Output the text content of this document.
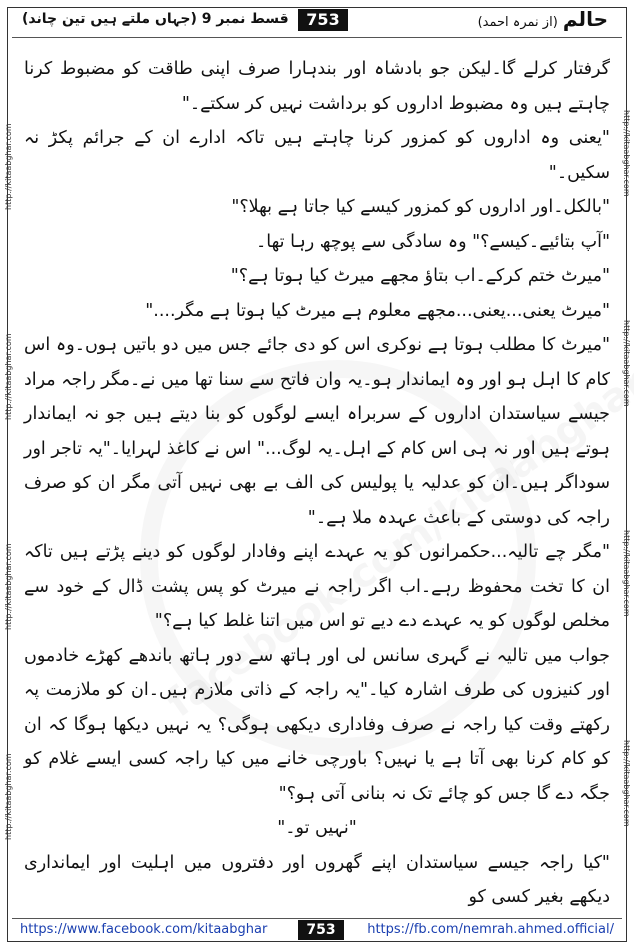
قسط نمبر 9 (جہاں ملتے ہیں تین چاند)	753	حالم (از نمرہ احمد)
http://kitaabghar.com
http://kitaabghar.com
http://kitaabghar.com
http://kitaabghar.com
http://kitaabghar.com
http://kitaabghar.com
http://kitaabghar.com
http://kitaabghar.com

گرفتار کرلے گا۔لیکن جو بادشاہ اور بندہارا صرف اپنی طاقت کو مضبوط کرنا چاہتے ہیں وہ مضبوط اداروں کو برداشت نہیں کر سکتے۔"

"یعنی وہ اداروں کو کمزور کرنا چاہتے ہیں تاکہ ادارے ان کے جرائم پکڑ نہ سکیں۔"

"بالکل۔اور اداروں کو کمزور کیسے کیا جاتا ہے بھلا؟"

"آپ بتائیے۔کیسے؟" وہ سادگی سے پوچھ رہا تھا۔

"میرٹ ختم کرکے۔اب بتاؤ مجھے میرٹ کیا ہوتا ہے؟"

"میرٹ یعنی...یعنی...مجھے معلوم ہے میرٹ کیا ہوتا ہے مگر...."

"میرٹ کا مطلب ہوتا ہے نوکری اس کو دی جائے جس میں دو باتیں ہوں۔وہ اس کام کا اہل ہو اور وہ ایماندار ہو۔یہ وان فاتح سے سنا تھا میں نے۔مگر راجہ مراد جیسے سیاستدان اداروں کے سربراہ ایسے لوگوں کو بنا دیتے ہیں جو نہ ایماندار ہوتے ہیں اور نہ ہی اس کام کے اہل۔یہ لوگ..." اس نے کاغذ لہرایا۔"یہ تاجر اور سوداگر ہیں۔ان کو عدلیہ یا پولیس کی الف بے بھی نہیں آتی مگر ان کو صرف راجہ کی دوستی کے باعث عہدہ ملا ہے۔"

"مگر چے تالیہ...حکمرانوں کو یہ عہدے اپنے وفادار لوگوں کو دینے پڑتے ہیں تاکہ ان کا تخت محفوظ رہے۔اب اگر راجہ نے میرٹ کو پس پشت ڈال کے خود سے مخلص لوگوں کو یہ عہدے دے دیے تو اس میں اتنا غلط کیا ہے؟"

جواب میں تالیہ نے گہری سانس لی اور ہاتھ سے دور ہاتھ باندھے کھڑے خادموں اور کنیزوں کی طرف اشارہ کیا۔"یہ راجہ کے ذاتی ملازم ہیں۔ان کو ملازمت پہ رکھتے وقت کیا راجہ نے صرف وفاداری دیکھی ہوگی؟ یہ نہیں دیکھا ہوگا کہ ان کو کام کرنا بھی آتا ہے یا نہیں؟ باورچی خانے میں کیا راجہ کسی ایسے غلام کو جگہ دے گا جس کو چائے تک نہ بنانی آتی ہو؟"

"نہیں تو۔"

"کیا راجہ جیسے سیاستدان اپنے گھروں اور دفتروں میں اہلیت اور ایمانداری دیکھے بغیر کسی کو

https://www.facebook.com/kitaabghar	753	https://fb.com/nemrah.ahmed.official/
